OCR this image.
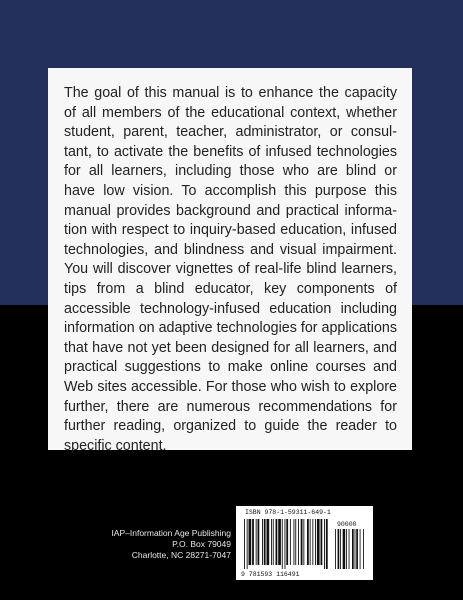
The goal of this manual is to enhance the capacity of all members of the educational context, whether student, parent, teacher, administrator, or consultant, to activate the benefits of infused technologies for all learners, including those who are blind or have low vision. To accomplish this purpose this manual provides background and practical information with respect to inquiry-based education, infused technologies, and blindness and visual impairment. You will discover vignettes of real-life blind learners, tips from a blind educator, key components of accessible technology-infused education including information on adaptive technologies for applications that have not yet been designed for all learners, and practical suggestions to make online courses and Web sites accessible. For those who wish to explore further, there are numerous recommendations for further reading, organized to guide the reader to specific content.

IAP–Information Age Publishing
P.O. Box 79049
Charlotte, NC 28271-7047
ISBN 978-1-59311-649-1
90000
9 781593 116491
